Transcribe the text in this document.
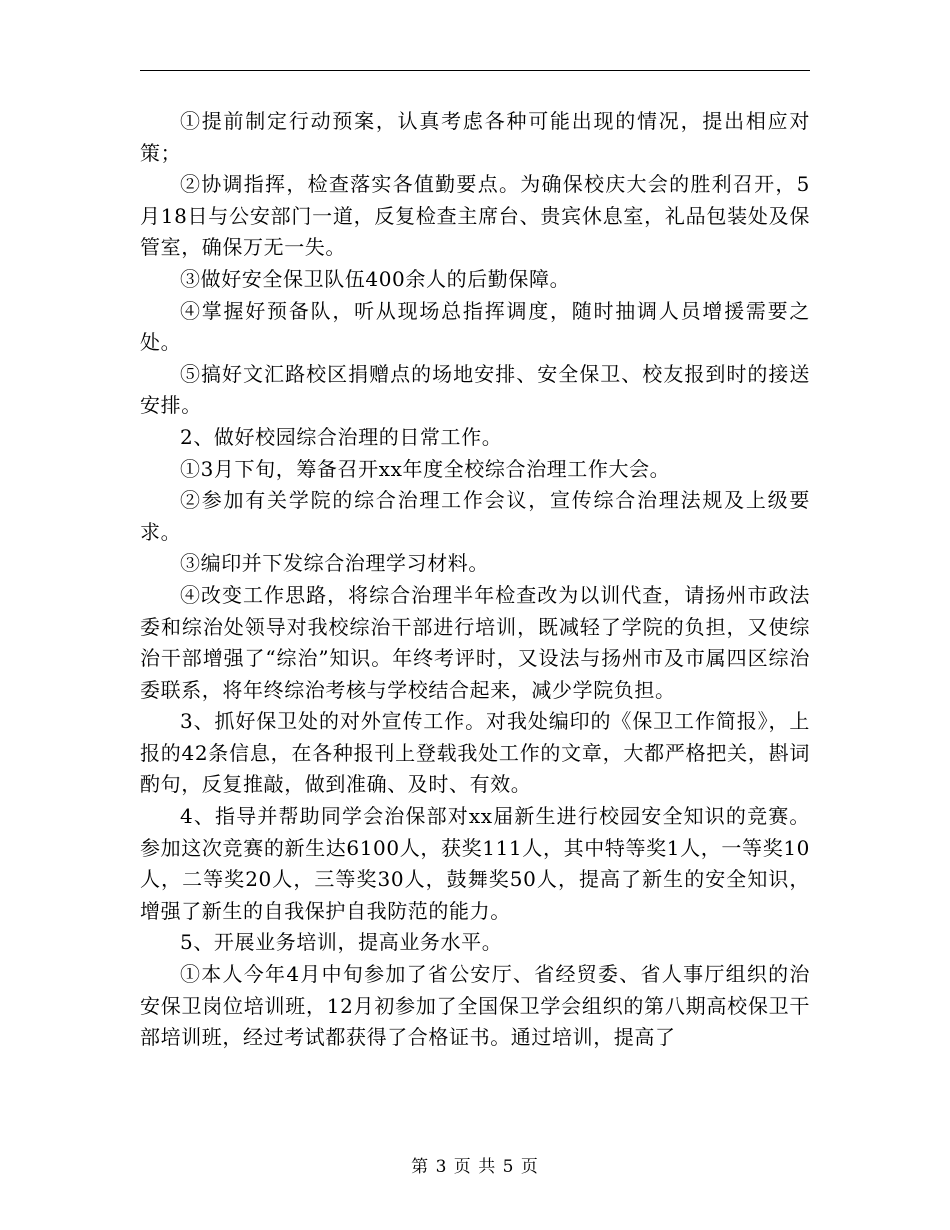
①提前制定行动预案，认真考虑各种可能出现的情况，提出相应对策；

②协调指挥，检查落实各值勤要点。为确保校庆大会的胜利召开，5月18日与公安部门一道，反复检查主席台、贵宾休息室，礼品包装处及保管室，确保万无一失。

③做好安全保卫队伍400余人的后勤保障。

④掌握好预备队，听从现场总指挥调度，随时抽调人员增援需要之处。

⑤搞好文汇路校区捐赠点的场地安排、安全保卫、校友报到时的接送安排。

2、做好校园综合治理的日常工作。

①3月下旬，筹备召开xx年度全校综合治理工作大会。

②参加有关学院的综合治理工作会议，宣传综合治理法规及上级要求。

③编印并下发综合治理学习材料。

④改变工作思路，将综合治理半年检查改为以训代查，请扬州市政法委和综治处领导对我校综治干部进行培训，既减轻了学院的负担，又使综治干部增强了“综治”知识。年终考评时，又设法与扬州市及市属四区综治委联系，将年终综治考核与学校结合起来，减少学院负担。

3、抓好保卫处的对外宣传工作。对我处编印的《保卫工作简报》，上报的42条信息，在各种报刊上登载我处工作的文章，大都严格把关，斟词酌句，反复推敲，做到准确、及时、有效。

4、指导并帮助同学会治保部对xx届新生进行校园安全知识的竞赛。参加这次竞赛的新生达6100人，获奖111人，其中特等奖1人，一等奖10人，二等奖20人，三等奖30人，鼓舞奖50人，提高了新生的安全知识，增强了新生的自我保护自我防范的能力。

5、开展业务培训，提高业务水平。

①本人今年4月中旬参加了省公安厅、省经贸委、省人事厅组织的治安保卫岗位培训班，12月初参加了全国保卫学会组织的第八期高校保卫干部培训班，经过考试都获得了合格证书。通过培训，提高了

第 3 页 共 5 页
